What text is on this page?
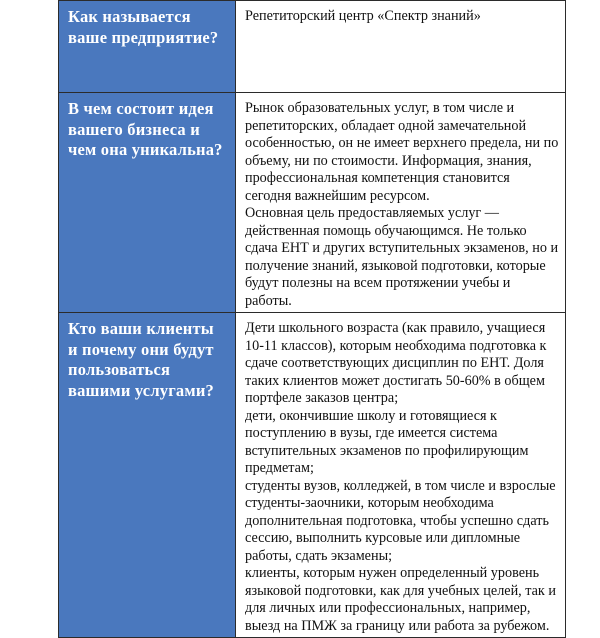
Как называется ваше предприятие?	Репетиторский центр «Спектр знаний»

В чем состоит идея вашего бизнеса и чем она уникальна?	Рынок образовательных услуг, в том числе и репетиторских, обладает одной замечательной особенностью, он не имеет верхнего предела, ни по объему, ни по стоимости. Информация, знания, профессиональная компетенция становится сегодня важнейшим ресурсом.
Основная цель предоставляемых услуг — действенная помощь обучающимся. Не только сдача ЕНТ и других вступительных экзаменов, но и получение знаний, языковой подготовки, которые будут полезны на всем протяжении учебы и работы.

Кто ваши клиенты и почему они будут пользоваться вашими услугами?	Дети школьного возраста (как правило, учащиеся 10-11 классов), которым необходима подготовка к сдаче соответствующих дисциплин по ЕНТ. Доля таких клиентов может достигать 50-60% в общем портфеле заказов центра;
дети, окончившие школу и готовящиеся к поступлению в вузы, где имеется система вступительных экзаменов по профилирующим предметам;
студенты вузов, колледжей, в том числе и взрослые студенты-заочники, которым необходима дополнительная подготовка, чтобы успешно сдать сессию, выполнить курсовые или дипломные работы, сдать экзамены;
клиенты, которым нужен определенный уровень языковой подготовки, как для учебных целей, так и для личных или профессиональных, например, выезд на ПМЖ за границу или работа за рубежом.
